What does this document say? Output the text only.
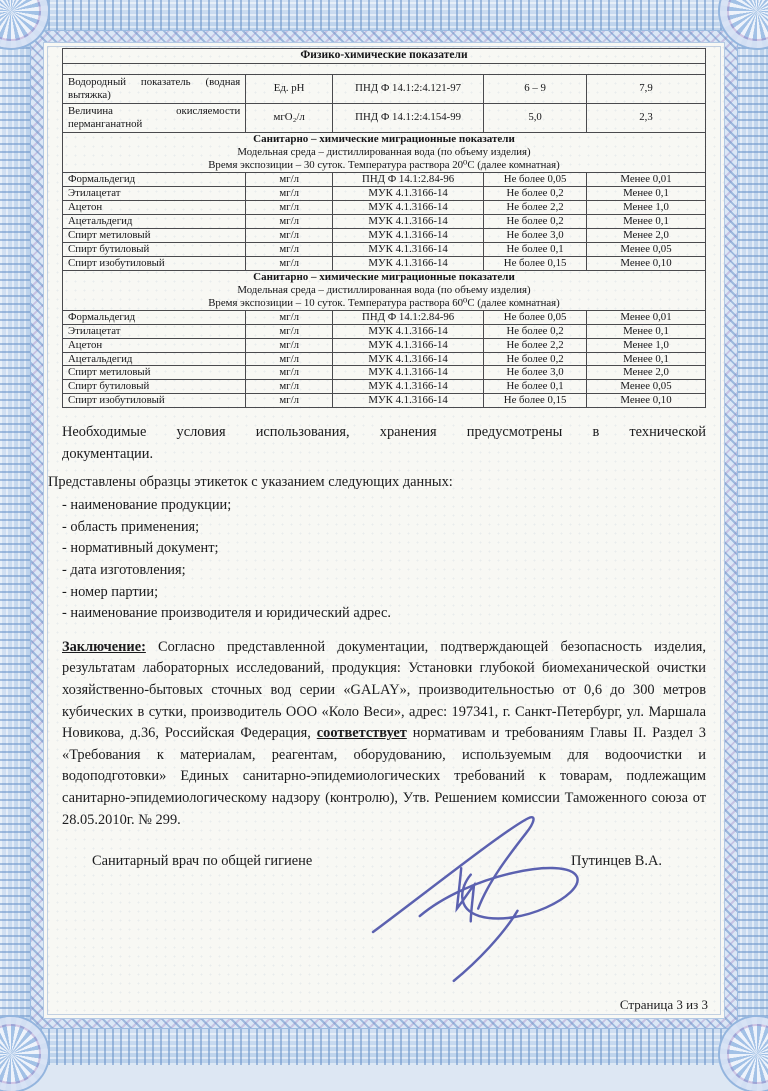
Физико-химические показатели				

Водородный показатель (водная вытяжка)	Ед. pH	ПНД Ф 14.1:2:4.121-97	6 – 9	7,9
Величина окисляемости перманганатной	мгО₂/л	ПНД Ф 14.1:2:4.154-99	5,0	2,3

Санитарно – химические миграционные показатели
Модельная среда – дистиллированная вода (по объему изделия)
Время экспозиции – 30 суток. Температура раствора 20⁰С (далее комнатная)				

Формальдегид	мг/л	ПНД Ф 14.1:2.84-96	Не более 0,05	Менее 0,01
Этилацетат	мг/л	МУК 4.1.3166-14	Не более 0,2	Менее 0,1
Ацетон	мг/л	МУК 4.1.3166-14	Не более 2,2	Менее 1,0
Ацетальдегид	мг/л	МУК 4.1.3166-14	Не более 0,2	Менее 0,1
Спирт метиловый	мг/л	МУК 4.1.3166-14	Не более 3,0	Менее 2,0
Спирт бутиловый	мг/л	МУК 4.1.3166-14	Не более 0,1	Менее 0,05
Спирт изобутиловый	мг/л	МУК 4.1.3166-14	Не более 0,15	Менее 0,10

Санитарно – химические миграционные показатели
Модельная среда – дистиллированная вода (по объему изделия)
Время экспозиции – 10 суток. Температура раствора 60⁰С (далее комнатная)				

Формальдегид	мг/л	ПНД Ф 14.1:2.84-96	Не более 0,05	Менее 0,01
Этилацетат	мг/л	МУК 4.1.3166-14	Не более 0,2	Менее 0,1
Ацетон	мг/л	МУК 4.1.3166-14	Не более 2,2	Менее 1,0
Ацетальдегид	мг/л	МУК 4.1.3166-14	Не более 0,2	Менее 0,1
Спирт метиловый	мг/л	МУК 4.1.3166-14	Не более 3,0	Менее 2,0
Спирт бутиловый	мг/л	МУК 4.1.3166-14	Не более 0,1	Менее 0,05
Спирт изобутиловый	мг/л	МУК 4.1.3166-14	Не более 0,15	Менее 0,10
Необходимые условия использования, хранения предусмотрены в технической
документации.
Представлены образцы этикеток с указанием следующих данных:
- наименование продукции;
- область применения;
- нормативный документ;
- дата изготовления;
- номер партии;
- наименование производителя и юридический адрес.

Заключение: Согласно представленной документации, подтверждающей безопасность изделия, результатам лабораторных исследований, продукция: Установки глубокой биомеханической очистки хозяйственно-бытовых сточных вод серии «GALAY», производительностью от 0,6 до 300 метров кубических в сутки, производитель ООО «Коло Веси», адрес: 197341, г. Санкт-Петербург, ул. Маршала Новикова, д.36, Российская Федерация, соответствует нормативам и требованиям Главы II. Раздел 3 «Требования к материалам, реагентам, оборудованию, используемым для водоочистки и водоподготовки» Единых санитарно-эпидемиологических требований к товарам, подлежащим санитарно-эпидемиологическому надзору (контролю), Утв. Решением комиссии Таможенного союза от 28.05.2010г. № 299.

Санитарный врач по общей гигиене	Путинцев В.А.
Страница 3 из 3
